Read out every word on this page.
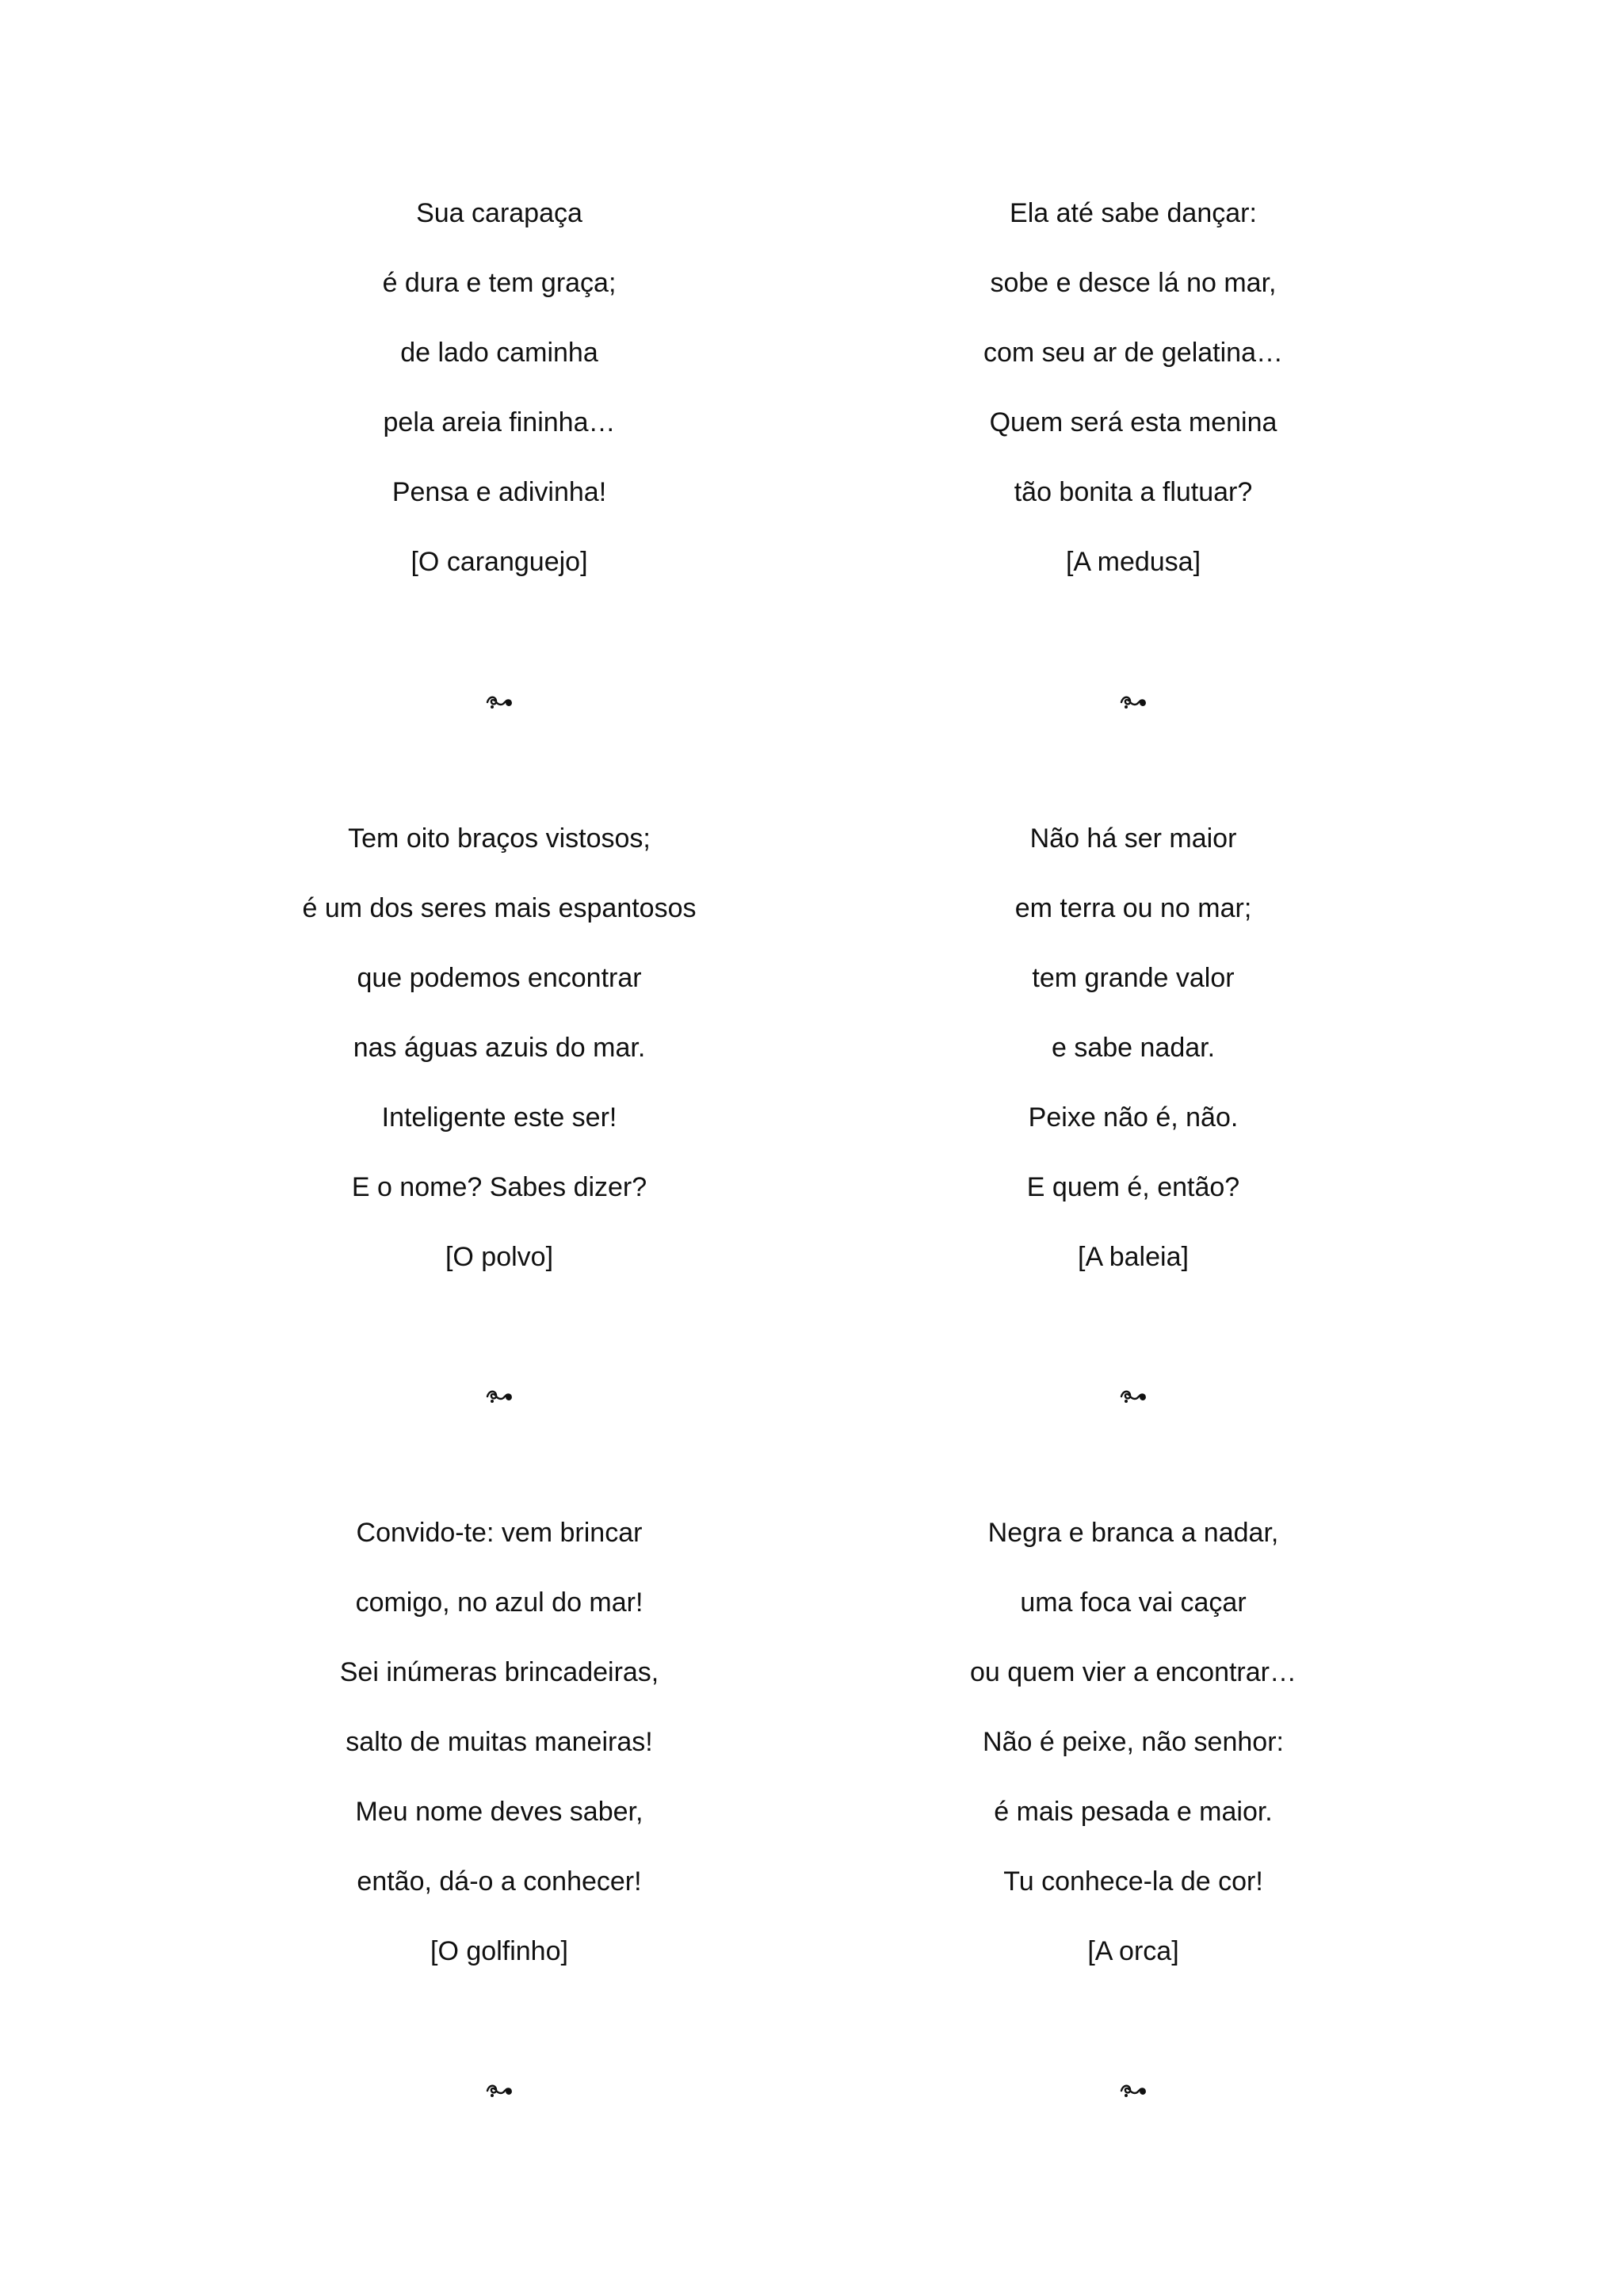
Sua carapaça
é dura e tem graça;
de lado caminha
pela areia fininha…
Pensa e adivinha!
[O caranguejo]
Tem oito braços vistosos;
é um dos seres mais espantosos
que podemos encontrar
nas águas azuis do mar.
Inteligente este ser!
E o nome? Sabes dizer?
[O polvo]
Convido-te: vem brincar
comigo, no azul do mar!
Sei inúmeras brincadeiras,
salto de muitas maneiras!
Meu nome deves saber,
então, dá-o a conhecer!
[O golfinho]
Ela até sabe dançar:
sobe e desce lá no mar,
com seu ar de gelatina…
Quem será esta menina
tão bonita a flutuar?
[A medusa]
Não há ser maior
em terra ou no mar;
tem grande valor
e sabe nadar.
Peixe não é, não.
E quem é, então?
[A baleia]
Negra e branca a nadar,
uma foca vai caçar
ou quem vier a encontrar…
Não é peixe, não senhor:
é mais pesada e maior.
Tu conhece-la de cor!
[A orca]
